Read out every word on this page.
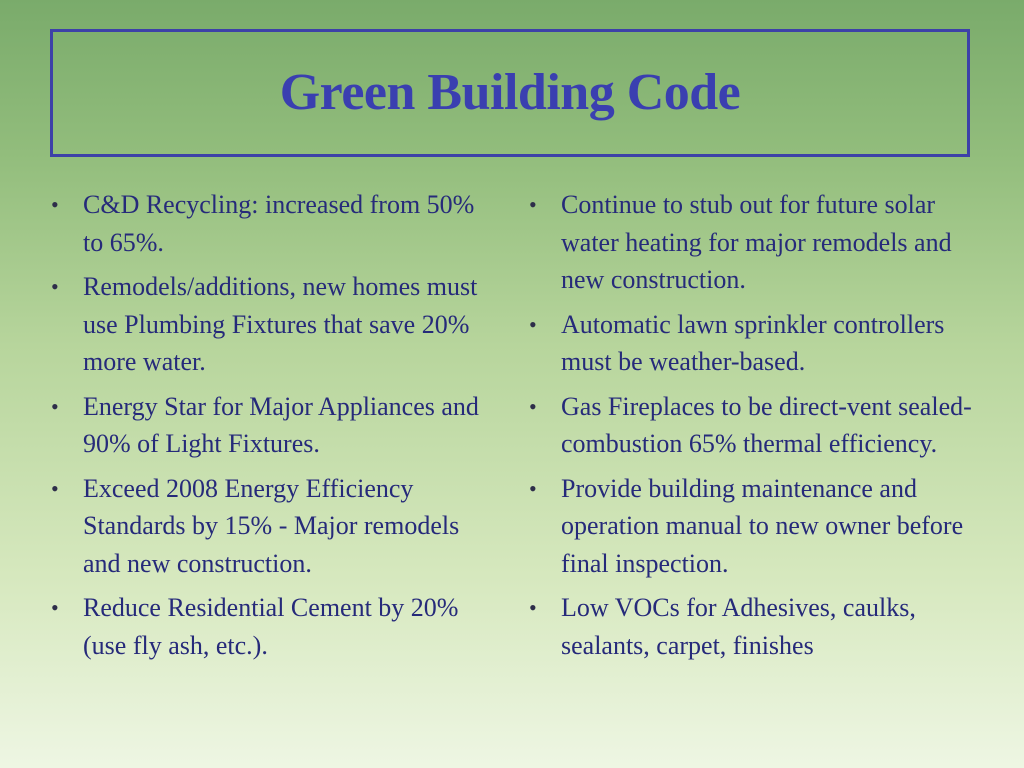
Green Building Code
• C&D Recycling: increased from 50% to 65%.
• Remodels/additions, new homes must use Plumbing Fixtures that save 20% more water.
• Energy Star for Major Appliances and 90% of Light Fixtures.
• Exceed 2008 Energy Efficiency Standards by 15% - Major remodels and new construction.
• Reduce Residential Cement by 20% (use fly ash, etc.).
• Continue to stub out for future solar water heating for major remodels and new construction.
• Automatic lawn sprinkler controllers must be weather-based.
• Gas Fireplaces to be direct-vent sealed-combustion 65% thermal efficiency.
• Provide building maintenance and operation manual to new owner before final inspection.
• Low VOCs for Adhesives, caulks, sealants, carpet, finishes
